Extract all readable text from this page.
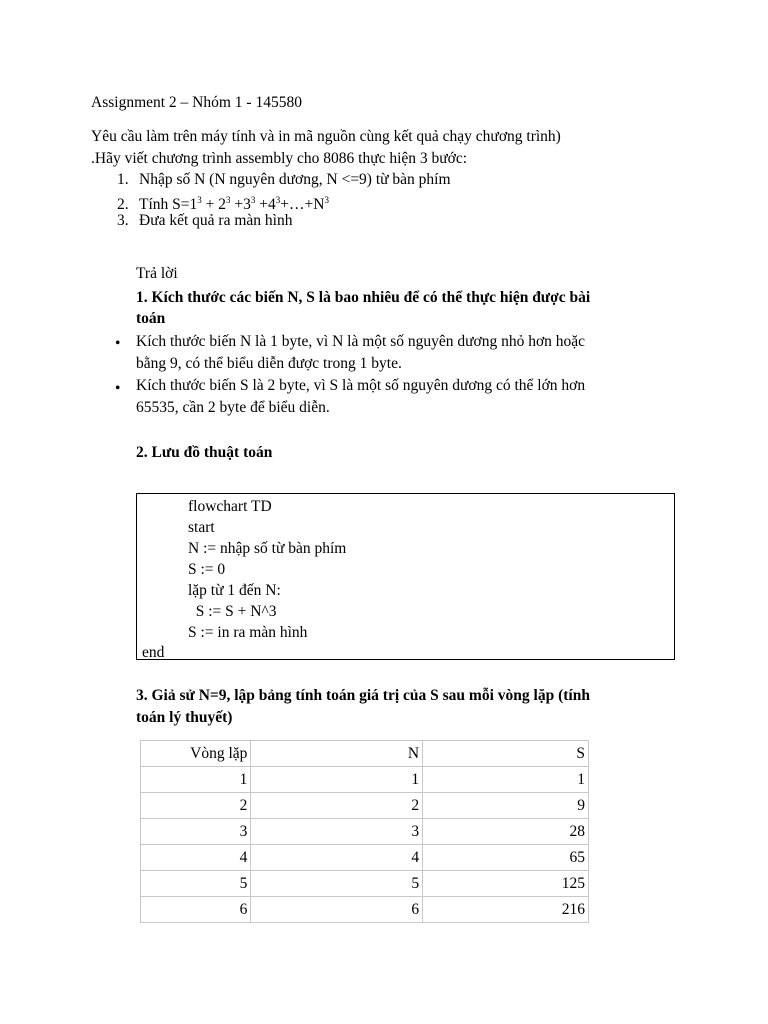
Assignment 2 – Nhóm 1 - 145580
Yêu cầu làm trên máy tính và in mã nguồn cùng kết quả chạy chương trình)
.Hãy viết chương trình assembly cho 8086 thực hiện 3 bước:
1. Nhập số N (N nguyên dương, N <=9) từ bàn phím
2. Tính $S=1^3 + 2^3 +3^3$ $+4^3+\dots+N^3$
3. Đưa kết quả ra màn hình
Trả lời
1. Kích thước các biến N, S là bao nhiêu để có thể thực hiện được bài
toán
• Kích thước biến N là 1 byte, vì N là một số nguyên dương nhỏ hơn hoặc
bằng 9, có thể biểu diễn được trong 1 byte.
• Kích thước biến S là 2 byte, vì S là một số nguyên dương có thể lớn hơn
65535, cần 2 byte để biểu diễn.
2. Lưu đồ thuật toán
flowchart TD
start
N := nhập số từ bàn phím
S := 0
lặp từ 1 đến N:
S := S + N^3
S := in ra màn hình
end
3. Giả sử N=9, lập bảng tính toán giá trị của S sau mỗi vòng lặp (tính
toán lý thuyết)
Vòng lặp	N	S
1	1	1
2	2	9
3	3	28
4	4	65
5	5	125
6	6	216
